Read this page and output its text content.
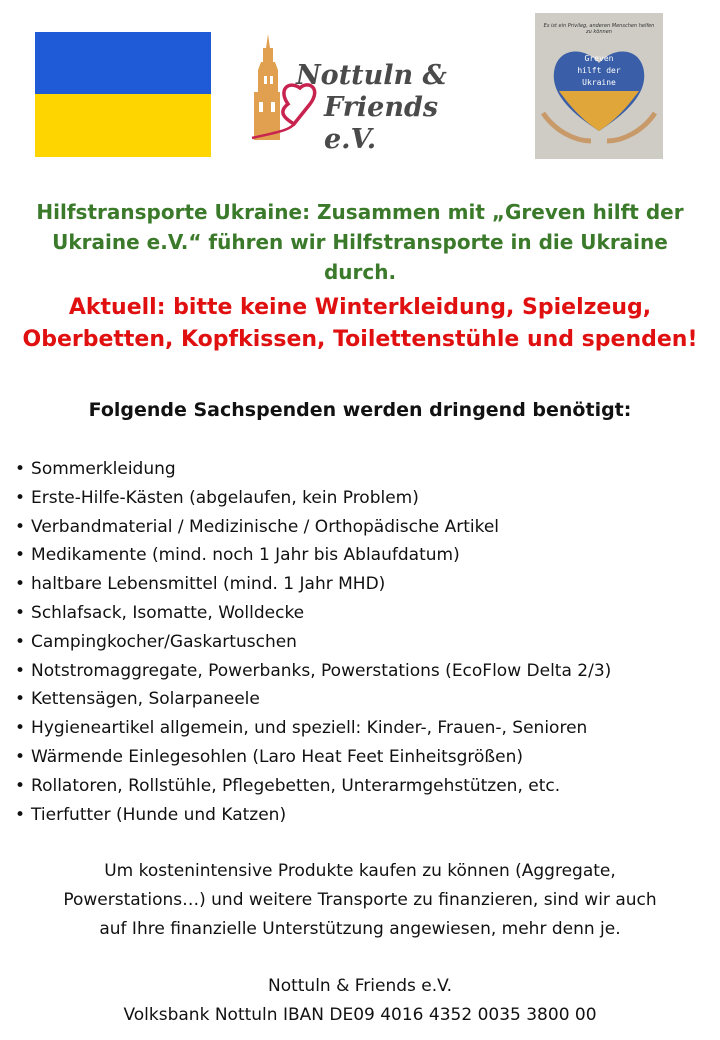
Nottuln &
Friends e.V.
Es ist ein Privileg, anderen Menschen helfen zu können
Greven
hilft der
Ukraine
Hilfstransporte Ukraine: Zusammen mit „Greven hilft der
Ukraine e.V.“ führen wir Hilfstransporte in die Ukraine durch.
Aktuell: bitte keine Winterkleidung, Spielzeug,
Oberbetten, Kopfkissen, Toilettenstühle und spenden!
Folgende Sachspenden werden dringend benötigt:
• Sommerkleidung
• Erste-Hilfe-Kästen (abgelaufen, kein Problem)
• Verbandmaterial / Medizinische / Orthopädische Artikel
• Medikamente (mind. noch 1 Jahr bis Ablaufdatum)
• haltbare Lebensmittel (mind. 1 Jahr MHD)
• Schlafsack, Isomatte, Wolldecke
• Campingkocher/Gaskartuschen
• Notstromaggregate, Powerbanks, Powerstations (EcoFlow Delta 2/3)
• Kettensägen, Solarpaneele
• Hygieneartikel allgemein, und speziell: Kinder-, Frauen-, Senioren
• Wärmende Einlegesohlen (Laro Heat Feet Einheitsgrößen)
• Rollatoren, Rollstühle, Pflegebetten, Unterarmgehstützen, etc.
• Tierfutter (Hunde und Katzen)
Um kostenintensive Produkte kaufen zu können (Aggregate,
Powerstations…) und weitere Transporte zu finanzieren, sind wir auch
auf Ihre finanzielle Unterstützung angewiesen, mehr denn je.
Nottuln & Friends e.V.
Volksbank Nottuln IBAN DE09 4016 4352 0035 3800 00
